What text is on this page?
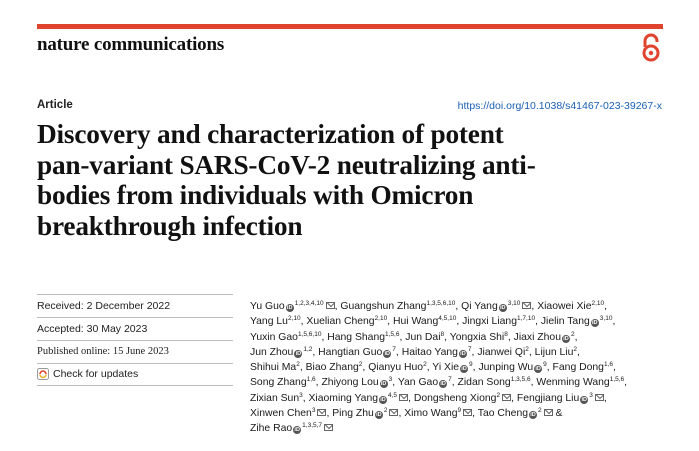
nature communications
Article	https://doi.org/10.1038/s41467-023-39267-x
Discovery and characterization of potent
pan-variant SARS-CoV-2 neutralizing anti-
bodies from individuals with Omicron
breakthrough infection
Received: 2 December 2022
Accepted: 30 May 2023
Published online: 15 June 2023
Check for updates
Yu Guo iD$^{1,2,3,4,10}$ , Guangshun Zhang$^{1,3,5,6,10}$, Qi Yang iD$^{3,10}$ , Xiaowei Xie$^{2,10}$,
Yang Lu$^{2,10}$, Xuelian Cheng$^{2,10}$, Hui Wang$^{4,5,10}$, Jingxi Liang$^{1,7,10}$, Jielin Tang iD$^{3,10}$,
Yuxin Gao$^{1,5,6,10}$, Hang Shang$^{1,5,6}$, Jun Dai$^8$, Yongxia Shi$^8$, Jiaxi Zhou $iD^2$,
Jun Zhou iD$^{1,2}$, Hangtian Guo $iD^7$, Haitao Yang $iD^7$, Jianwei Qi$^2$, Lijun Liu$^2$,
Shihui Ma$^2$, Biao Zhang$^2$, Qianyu Huo$^2$, Yi Xie $iD^9$, Junping Wu $iD^9$, Fang Dong$^{1,6}$,
Song Zhang$^{1,6}$, Zhiyong Lou $iD^3$, Yan Gao $iD^7$, Zidan Song$^{1,3,5,6}$, Wenming Wang$^{1,5,6}$,
Zixian Sun$^3$, Xiaoming Yang iD$^{4,5}$ , Dongsheng Xiong$^2$ , Fengjiang Liu $iD^3$ ,
Xinwen Chen$^3$ , Ping Zhu $iD^2$ , Ximo Wang$^9$ , Tao Cheng $iD^2$ &
Zihe Rao iD$^{1,3,5,7}$
